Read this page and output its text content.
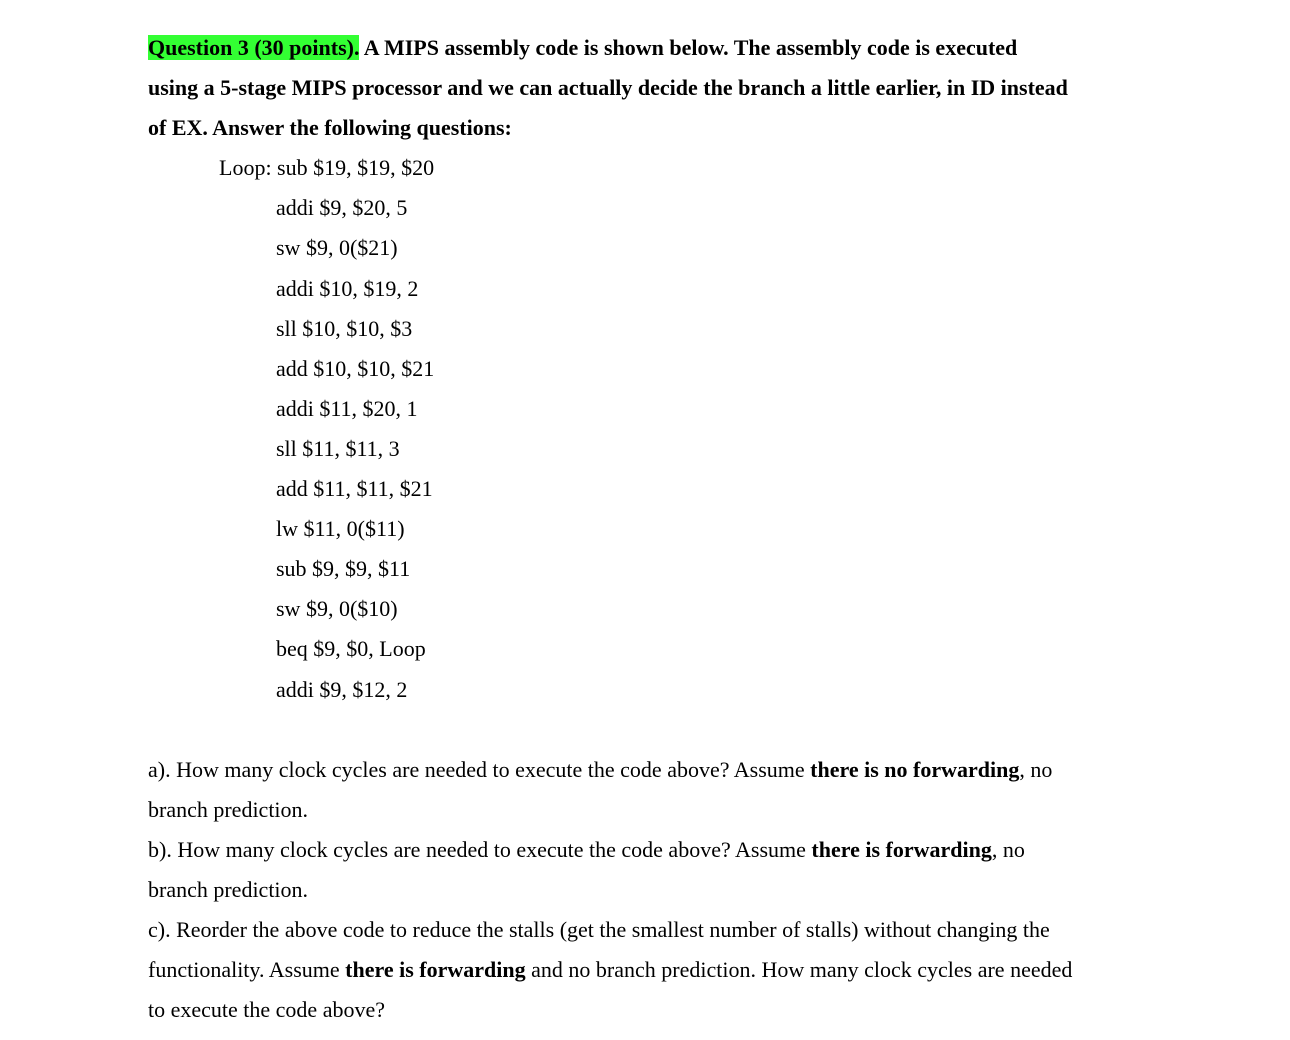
Question 3 (30 points). A MIPS assembly code is shown below. The assembly code is executed
using a 5-stage MIPS processor and we can actually decide the branch a little earlier, in ID instead
of EX. Answer the following questions:
Loop: sub $19, $19, $20
addi $9, $20, 5
sw $9, 0($21)
addi $10, $19, 2
sll $10, $10, $3
add $10, $10, $21
addi $11, $20, 1
sll $11, $11, 3
add $11, $11, $21
lw $11, 0($11)
sub $9, $9, $11
sw $9, 0($10)
beq $9, $0, Loop
addi $9, $12, 2
a). How many clock cycles are needed to execute the code above? Assume there is no forwarding, no
branch prediction.
b). How many clock cycles are needed to execute the code above? Assume there is forwarding, no
branch prediction.
c). Reorder the above code to reduce the stalls (get the smallest number of stalls) without changing the
functionality. Assume there is forwarding and no branch prediction. How many clock cycles are needed
to execute the code above?
